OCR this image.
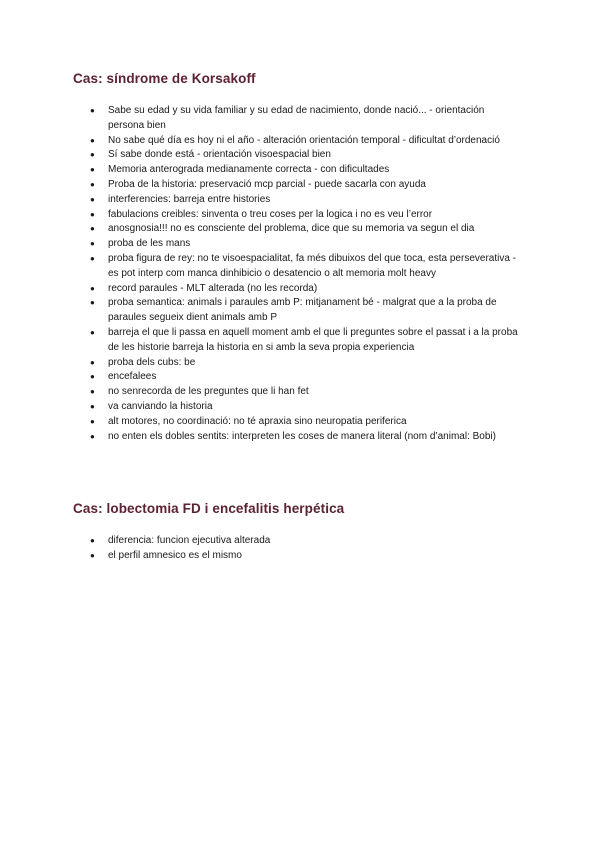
Cas: síndrome de Korsakoff
●	Sabe su edad y su vida familiar y su edad de nacimiento, donde nació... - orientación persona bien
●	No sabe qué día es hoy ni el año - alteración orientación temporal - dificultat d’ordenació
●	Sí sabe donde está - orientación visoespacial bien
●	Memoria anterograda medianamente correcta - con dificultades
●	Proba de la historia: preservació mcp parcial - puede sacarla con ayuda
●	interferencies: barreja entre histories
●	fabulacions creibles: sinventa o treu coses per la logica i no es veu l’error
●	anosgnosia!!! no es consciente del problema, dice que su memoria va segun el dia
●	proba de les mans
●	proba figura de rey: no te visoespacialitat, fa més dibuixos del que toca, esta perseverativa - es pot interp com manca dinhibicio o desatencio o alt memoria molt heavy
●	record paraules - MLT alterada (no les recorda)
●	proba semantica: animals i paraules amb P: mitjanament bé - malgrat que a la proba de paraules segueix dient animals amb P
●	barreja el que li passa en aquell moment amb el que li preguntes sobre el passat i a la proba de les historie barreja la historia en si amb la seva propia experiencia
●	proba dels cubs: be
●	encefalees
●	no senrecorda de les preguntes que li han fet
●	va canviando la historia
●	alt motores, no coordinació: no té apraxia sino neuropatia periferica
●	no enten els dobles sentits: interpreten les coses de manera literal (nom d’animal: Bobi)
Cas: lobectomia FD i encefalitis herpética
●	diferencia: funcion ejecutiva alterada
●	el perfil amnesico es el mismo
